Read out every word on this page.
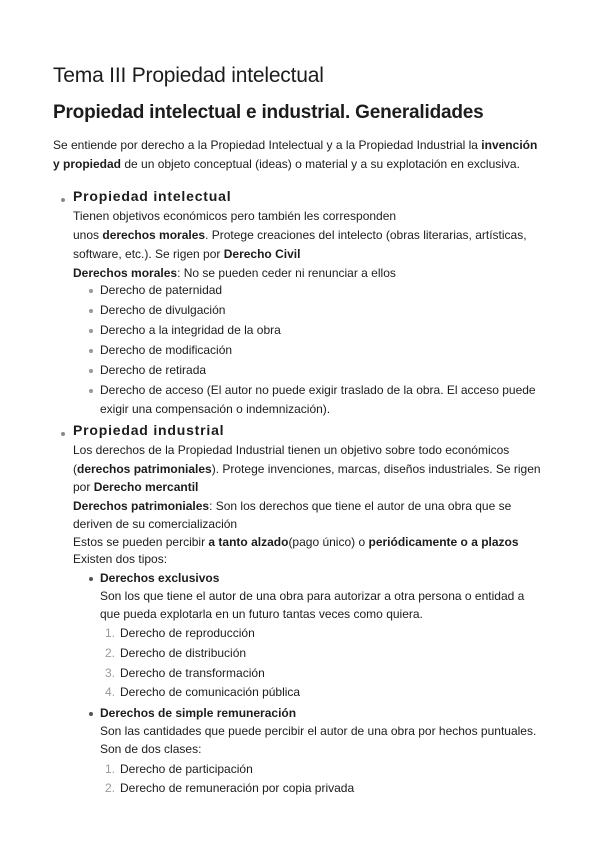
Tema III Propiedad intelectual
Propiedad intelectual e industrial. Generalidades
Se entiende por derecho a la Propiedad Intelectual y a la Propiedad Industrial la invención
y propiedad de un objeto conceptual (ideas) o material y a su explotación en exclusiva.
Propiedad intelectual
Tienen objetivos económicos pero también les corresponden
unos derechos morales. Protege creaciones del intelecto (obras literarias, artísticas,
software, etc.). Se rigen por Derecho Civil
Derechos morales: No se pueden ceder ni renunciar a ellos
Derecho de paternidad
Derecho de divulgación
Derecho a la integridad de la obra
Derecho de modificación
Derecho de retirada
Derecho de acceso (El autor no puede exigir traslado de la obra. El acceso puede
exigir una compensación o indemnización).
Propiedad industrial
Los derechos de la Propiedad Industrial tienen un objetivo sobre todo económicos
(derechos patrimoniales). Protege invenciones, marcas, diseños industriales. Se rigen
por Derecho mercantil
Derechos patrimoniales: Son los derechos que tiene el autor de una obra que se
deriven de su comercialización
Estos se pueden percibir a tanto alzado(pago único) o periódicamente o a plazos
Existen dos tipos:
Derechos exclusivos
Son los que tiene el autor de una obra para autorizar a otra persona o entidad a
que pueda explotarla en un futuro tantas veces como quiera.
1. Derecho de reproducción
2. Derecho de distribución
3. Derecho de transformación
4. Derecho de comunicación pública
Derechos de simple remuneración
Son las cantidades que puede percibir el autor de una obra por hechos puntuales.
Son de dos clases:
1. Derecho de participación
2. Derecho de remuneración por copia privada
